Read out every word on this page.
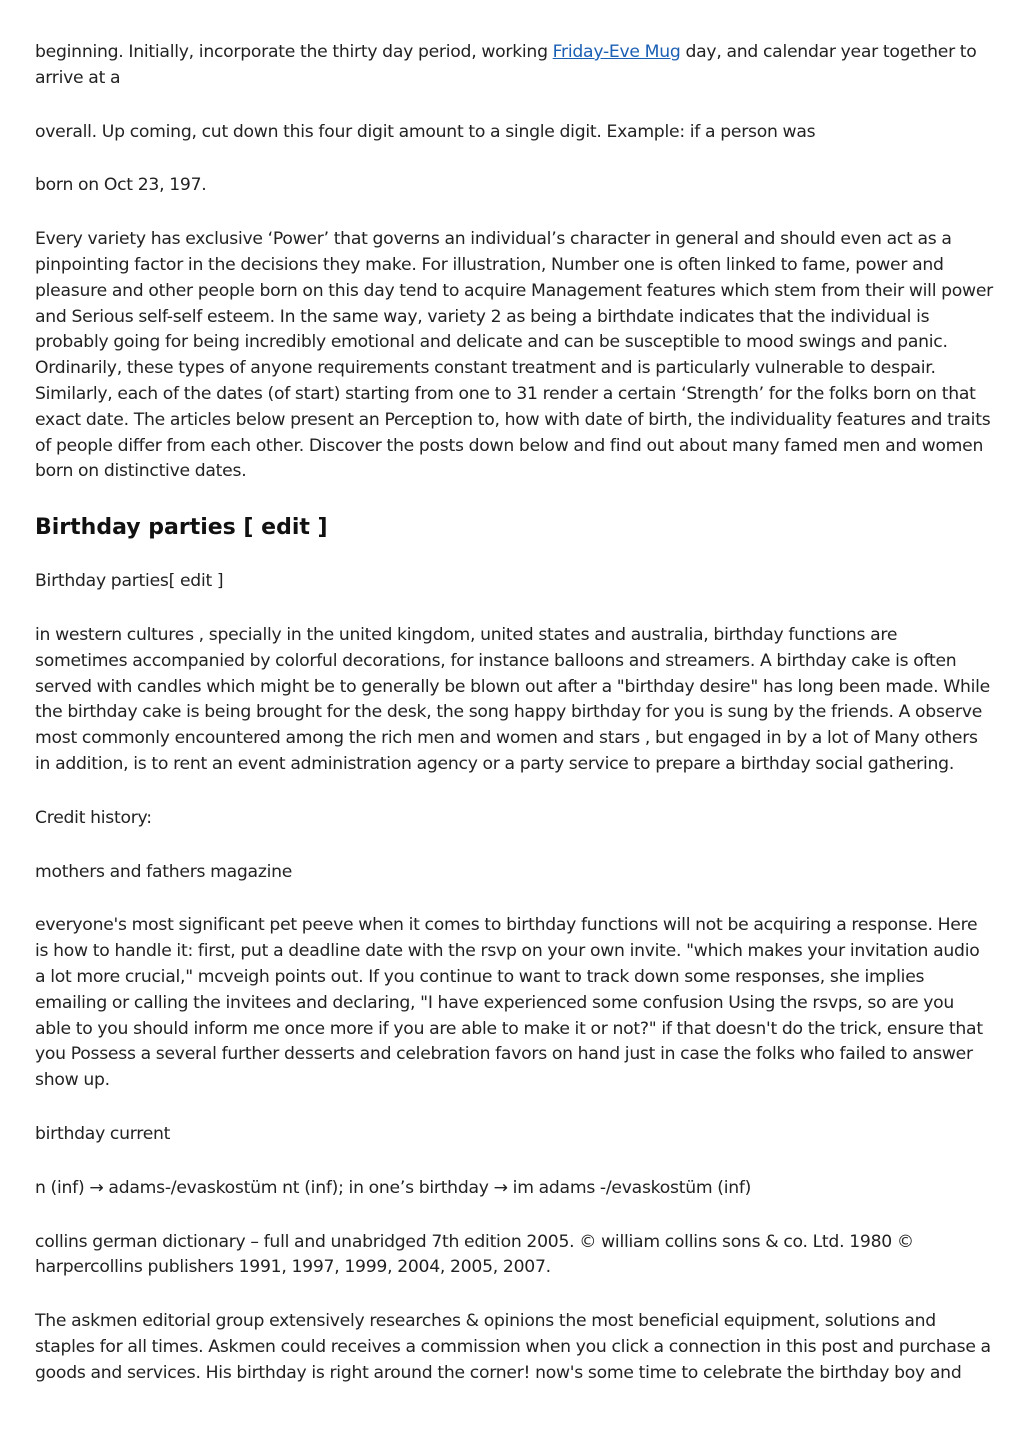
beginning. Initially, incorporate the thirty day period, working Friday-Eve Mug day, and calendar year together to arrive at a

overall. Up coming, cut down this four digit amount to a single digit. Example: if a person was

born on Oct 23, 197.

Every variety has exclusive ‘Power’ that governs an individual’s character in general and should even act as a pinpointing factor in the decisions they make. For illustration, Number one is often linked to fame, power and pleasure and other people born on this day tend to acquire Management features which stem from their will power and Serious self-self esteem. In the same way, variety 2 as being a birthdate indicates that the individual is probably going for being incredibly emotional and delicate and can be susceptible to mood swings and panic. Ordinarily, these types of anyone requirements constant treatment and is particularly vulnerable to despair. Similarly, each of the dates (of start) starting from one to 31 render a certain ‘Strength’ for the folks born on that exact date. The articles below present an Perception to, how with date of birth, the individuality features and traits of people differ from each other. Discover the posts down below and find out about many famed men and women born on distinctive dates.

Birthday parties [ edit ]

Birthday parties[ edit ]

in western cultures , specially in the united kingdom, united states and australia, birthday functions are sometimes accompanied by colorful decorations, for instance balloons and streamers. A birthday cake is often served with candles which might be to generally be blown out after a "birthday desire" has long been made. While the birthday cake is being brought for the desk, the song happy birthday for you is sung by the friends. A observe most commonly encountered among the rich men and women and stars , but engaged in by a lot of Many others in addition, is to rent an event administration agency or a party service to prepare a birthday social gathering.

Credit history:

mothers and fathers magazine

everyone's most significant pet peeve when it comes to birthday functions will not be acquiring a response. Here is how to handle it: first, put a deadline date with the rsvp on your own invite. "which makes your invitation audio a lot more crucial," mcveigh points out. If you continue to want to track down some responses, she implies emailing or calling the invitees and declaring, "I have experienced some confusion Using the rsvps, so are you able to you should inform me once more if you are able to make it or not?" if that doesn't do the trick, ensure that you Possess a several further desserts and celebration favors on hand just in case the folks who failed to answer show up.

birthday current

n (inf) → adams-/evaskostüm nt (inf); in one’s birthday → im adams -/evaskostüm (inf)

collins german dictionary – full and unabridged 7th edition 2005. © william collins sons & co. Ltd. 1980 © harpercollins publishers 1991, 1997, 1999, 2004, 2005, 2007.

The askmen editorial group extensively researches & opinions the most beneficial equipment, solutions and staples for all times. Askmen could receives a commission when you click a connection in this post and purchase a goods and services. His birthday is right around the corner! now's some time to celebrate the birthday boy and
